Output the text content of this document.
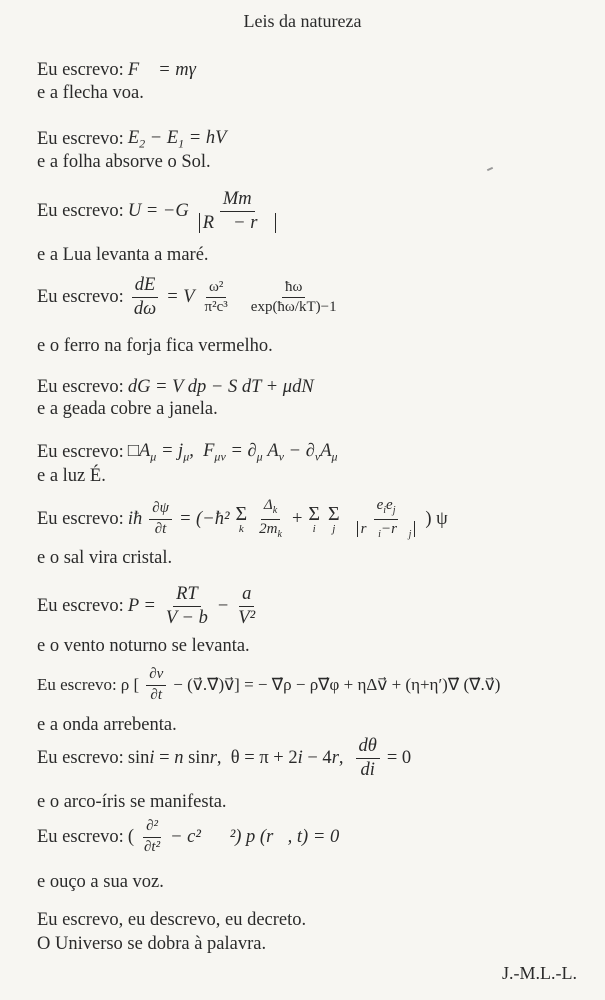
Leis da natureza
Eu escrevo: F⃗ = mγ⃗
e a flecha voa.
Eu escrevo: $E_2 - E_1$ = hV
e a folha absorve o Sol.
Eu escrevo: $U = -G \frac{Mm}{R⃗ - r⃗}$
e a Lua levanta a maré.
Eu escrevo: $\frac{dE}{d\omega} = V \frac{\text{ω²}}{\text{π²c³}} \frac{ħ\omega}{\exp(ħ\omega/kT)-1}$
e o ferro na forja fica vermelho.
Eu escrevo: dG = V dp − S dT + μdN
e a geada cobre a janela.
Eu escrevo: $□A_\mu = j_\mu$,  $F_{\mu\nu} = \partial_\mu$ $A_\nu - \partial_\nu A_\mu$
e a luz É.
Eu escrevo: iħ $\frac{\partial\psi}{\partial t}$ = (−ħ² Σ
k $\frac{\Delta_k}{2m_k} + \Sigma$
i
Σ
j $\frac{e_ie_j}{r⃗_i-r⃗_j}$ ) ψ
e o sal vira cristal.
Eu escrevo: $P = \frac{RT}{V - b} - \frac{a}{\text{V²}}$
e o vento noturno se levanta.
Eu escrevo: ρ [ $\frac{\partial v}{\partial t}$ − (v⃗.∇⃗)v⃗] = − ∇⃗ρ − ρ∇⃗φ + ηΔv⃗ + (η+η′)∇⃗ (∇⃗.v⃗)
e a onda arrebenta.
Eu escrevo: sini = n sinr,  θ = π + 2i − 4r, $\frac{d\theta}{di} = 0$
e o arco-íris se manifesta.
Eu escrevo: ( $\frac{\text{∂²}}{\text{∂t²}}$ − c²∇⃗²) p (r⃗, t) = 0
e ouço a sua voz.
Eu escrevo, eu descrevo, eu decreto.
O Universo se dobra à palavra.
J.-M.L.-L.
